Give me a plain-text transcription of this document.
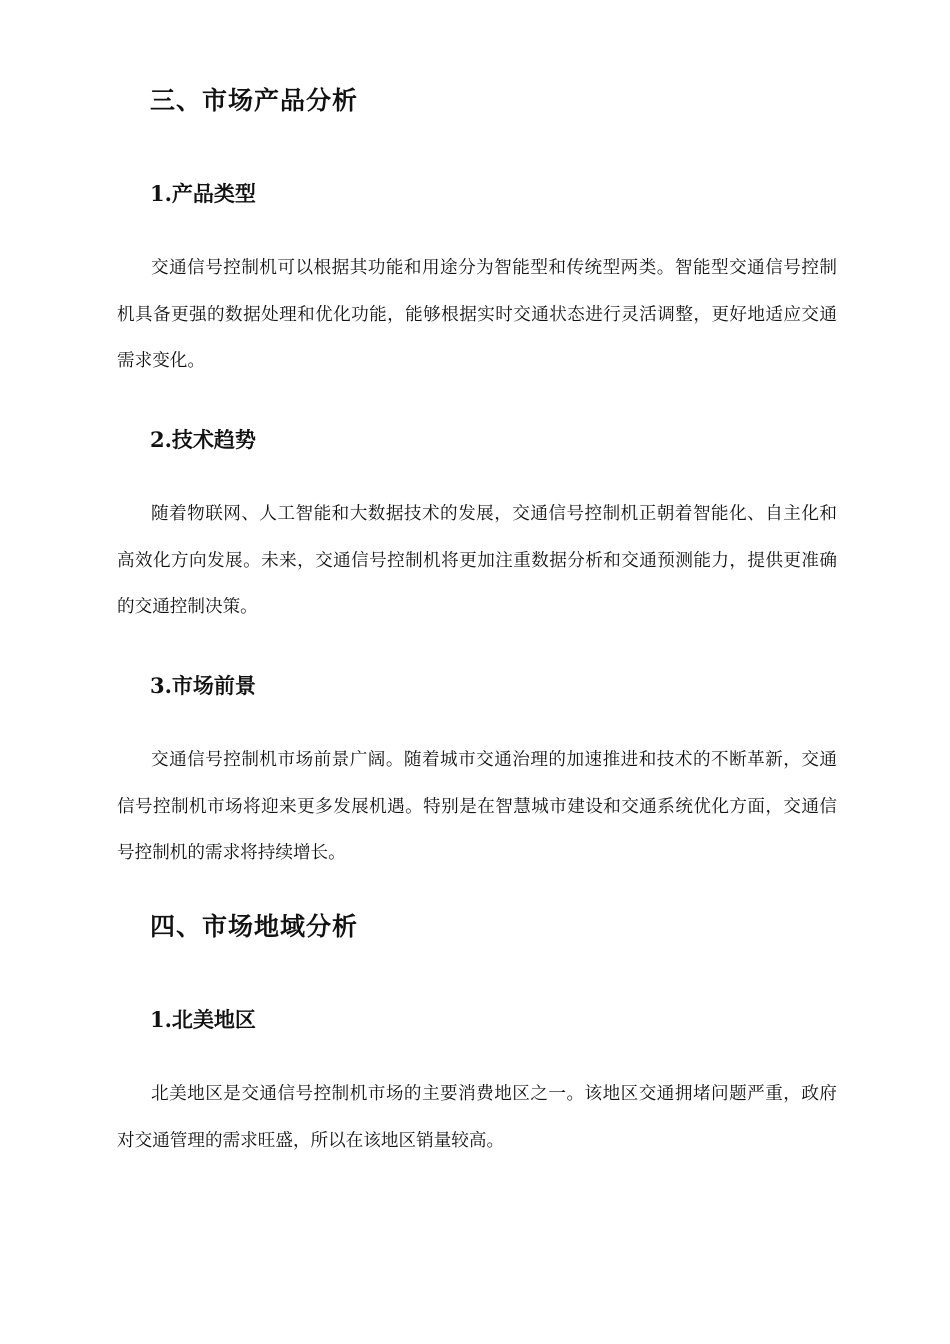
三、市场产品分析
1.产品类型

交通信号控制机可以根据其功能和用途分为智能型和传统型两类。智能型交通信号控制机具备更强的数据处理和优化功能，能够根据实时交通状态进行灵活调整，更好地适应交通需求变化。

2.技术趋势

随着物联网、人工智能和大数据技术的发展，交通信号控制机正朝着智能化、自主化和高效化方向发展。未来，交通信号控制机将更加注重数据分析和交通预测能力，提供更准确的交通控制决策。

3.市场前景

交通信号控制机市场前景广阔。随着城市交通治理的加速推进和技术的不断革新，交通信号控制机市场将迎来更多发展机遇。特别是在智慧城市建设和交通系统优化方面，交通信号控制机的需求将持续增长。

四、市场地域分析
1.北美地区

北美地区是交通信号控制机市场的主要消费地区之一。该地区交通拥堵问题严重，政府对交通管理的需求旺盛，所以在该地区销量较高。
